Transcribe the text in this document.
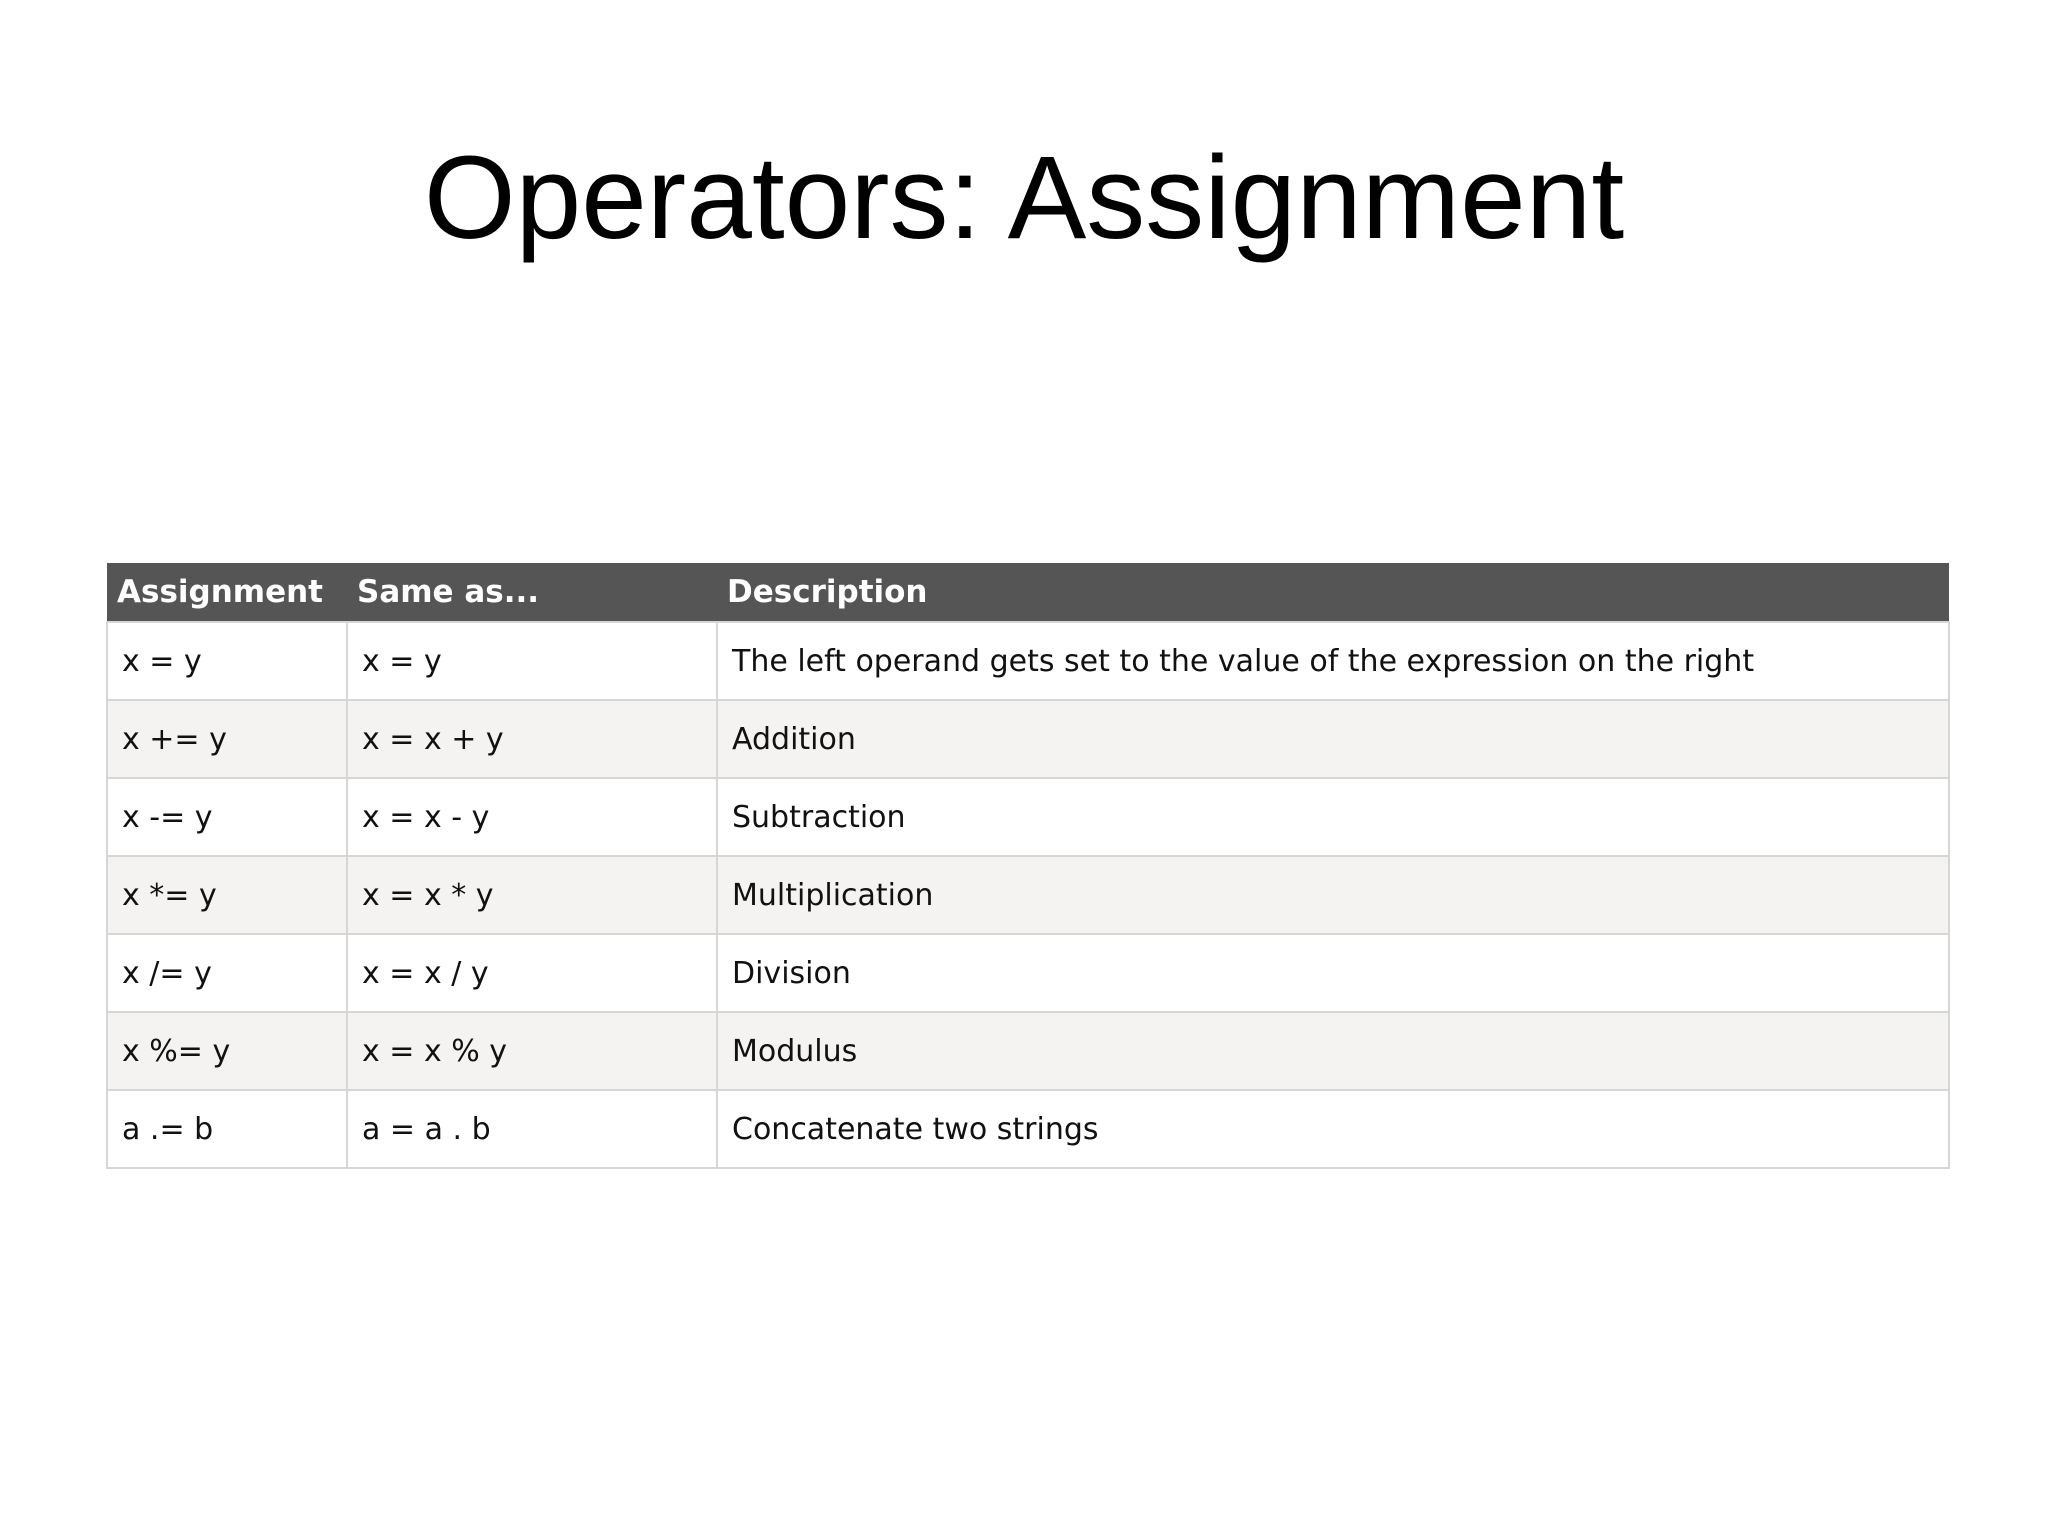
Operators: Assignment
Assignment	Same as...	Description
x = y	x = y	The left operand gets set to the value of the expression on the right
x += y	x = x + y	Addition
x -= y	x = x - y	Subtraction
x *= y	x = x * y	Multiplication
x /= y	x = x / y	Division
x %= y	x = x % y	Modulus
a .= b	a = a . b	Concatenate two strings
